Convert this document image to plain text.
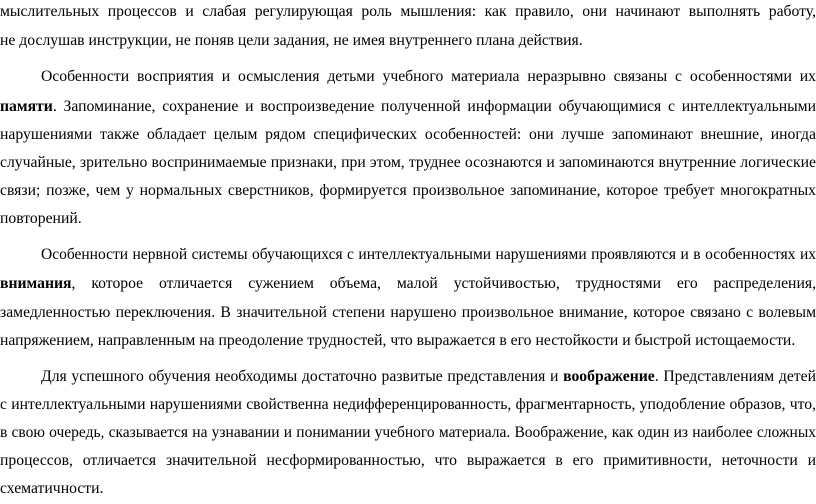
мыслительных процессов и слабая регулирующая роль мышления: как правило, они начинают выполнять работу,
не дослушав инструкции, не поняв цели задания, не имея внутреннего плана действия.
Особенности восприятия и осмысления детьми учебного материала неразрывно связаны с особенностями их
памяти. Запоминание, сохранение и воспроизведение полученной информации обучающимися с интеллектуальными
нарушениями также обладает целым рядом специфических особенностей: они лучше запоминают внешние, иногда
случайные, зрительно воспринимаемые признаки, при этом, труднее осознаются и запоминаются внутренние логические
связи; позже, чем у нормальных сверстников, формируется произвольное запоминание, которое требует многократных
повторений.
Особенности нервной системы обучающихся с интеллектуальными нарушениями проявляются и в особенностях их
внимания, которое отличается сужением объема, малой устойчивостью, трудностями его распределения,
замедленностью переключения. В значительной степени нарушено произвольное внимание, которое связано с волевым
напряжением, направленным на преодоление трудностей, что выражается в его нестойкости и быстрой истощаемости.
Для успешного обучения необходимы достаточно развитые представления и воображение. Представлениям детей
с интеллектуальными нарушениями свойственна недифференцированность, фрагментарность, уподобление образов, что,
в свою очередь, сказывается на узнавании и понимании учебного материала. Воображение, как один из наиболее сложных
процессов, отличается значительной несформированностью, что выражается в его примитивности, неточности и
схематичности.
